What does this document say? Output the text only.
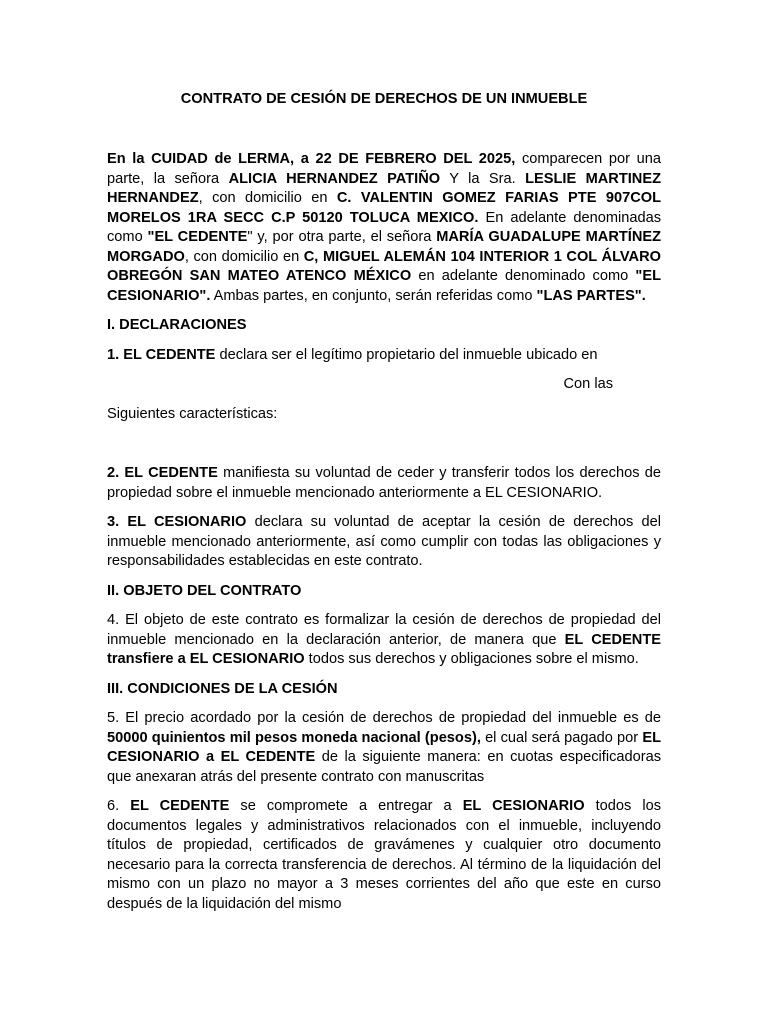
CONTRATO DE CESIÓN DE DERECHOS DE UN INMUEBLE

En la CUIDAD de LERMA, a 22 DE FEBRERO DEL 2025, comparecen por una parte, la señora ALICIA HERNANDEZ PATIÑO Y la Sra. LESLIE MARTINEZ HERNANDEZ, con domicilio en C. VALENTIN GOMEZ FARIAS PTE 907COL MORELOS 1RA SECC C.P 50120 TOLUCA MEXICO. En adelante denominadas como "EL CEDENTE" y, por otra parte, el señora MARÍA GUADALUPE MARTÍNEZ MORGADO, con domicilio en C, MIGUEL ALEMÁN 104 INTERIOR 1 COL ÁLVARO OBREGÓN SAN MATEO ATENCO MÉXICO en adelante denominado como "EL CESIONARIO". Ambas partes, en conjunto, serán referidas como "LAS PARTES".

I. DECLARACIONES

1. EL CEDENTE declara ser el legítimo propietario del inmueble ubicado en

Con las

Siguientes características:

2. EL CEDENTE manifiesta su voluntad de ceder y transferir todos los derechos de propiedad sobre el inmueble mencionado anteriormente a EL CESIONARIO.

3. EL CESIONARIO declara su voluntad de aceptar la cesión de derechos del inmueble mencionado anteriormente, así como cumplir con todas las obligaciones y responsabilidades establecidas en este contrato.

II. OBJETO DEL CONTRATO

4. El objeto de este contrato es formalizar la cesión de derechos de propiedad del inmueble mencionado en la declaración anterior, de manera que EL CEDENTE transfiere a EL CESIONARIO todos sus derechos y obligaciones sobre el mismo.

III. CONDICIONES DE LA CESIÓN

5. El precio acordado por la cesión de derechos de propiedad del inmueble es de 50000 quinientos mil pesos moneda nacional (pesos), el cual será pagado por EL CESIONARIO a EL CEDENTE de la siguiente manera: en cuotas especificadoras que anexaran atrás del presente contrato con manuscritas

6. EL CEDENTE se compromete a entregar a EL CESIONARIO todos los documentos legales y administrativos relacionados con el inmueble, incluyendo títulos de propiedad, certificados de gravámenes y cualquier otro documento necesario para la correcta transferencia de derechos. Al término de la liquidación del mismo con un plazo no mayor a 3 meses corrientes del año que este en curso después de la liquidación del mismo
